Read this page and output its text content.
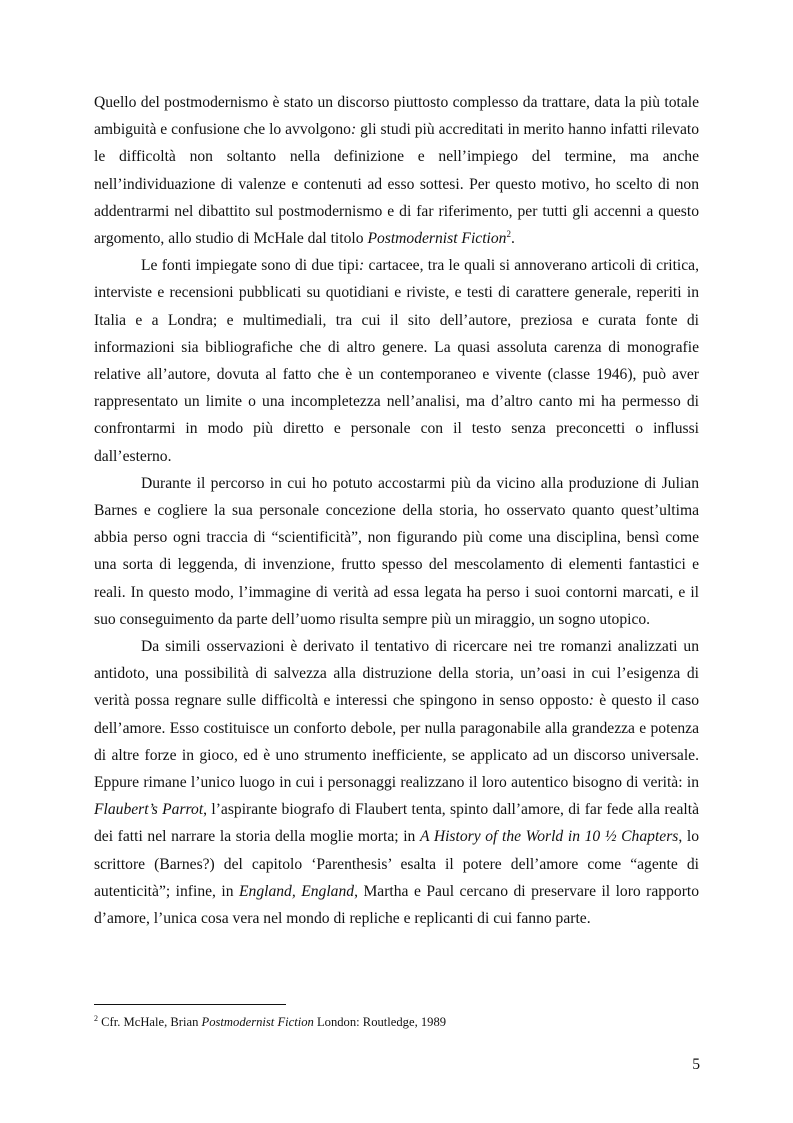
Quello del postmodernismo è stato un discorso piuttosto complesso da trattare, data la più totale ambiguità e confusione che lo avvolgono: gli studi più accreditati in merito hanno infatti rilevato le difficoltà non soltanto nella definizione e nell’impiego del termine, ma anche nell’individuazione di valenze e contenuti ad esso sottesi. Per questo motivo, ho scelto di non addentrarmi nel dibattito sul postmodernismo e di far riferimento, per tutti gli accenni a questo argomento, allo studio di McHale dal titolo Postmodernist Fiction$^2$.

Le fonti impiegate sono di due tipi: cartacee, tra le quali si annoverano articoli di critica, interviste e recensioni pubblicati su quotidiani e riviste, e testi di carattere generale, reperiti in Italia e a Londra; e multimediali, tra cui il sito dell’autore, preziosa e curata fonte di informazioni sia bibliografiche che di altro genere. La quasi assoluta carenza di monografie relative all’autore, dovuta al fatto che è un contemporaneo e vivente (classe 1946), può aver rappresentato un limite o una incompletezza nell’analisi, ma d’altro canto mi ha permesso di confrontarmi in modo più diretto e personale con il testo senza preconcetti o influssi dall’esterno.

Durante il percorso in cui ho potuto accostarmi più da vicino alla produzione di Julian Barnes e cogliere la sua personale concezione della storia, ho osservato quanto quest’ultima abbia perso ogni traccia di “scientificità”, non figurando più come una disciplina, bensì come una sorta di leggenda, di invenzione, frutto spesso del mescolamento di elementi fantastici e reali. In questo modo, l’immagine di verità ad essa legata ha perso i suoi contorni marcati, e il suo conseguimento da parte dell’uomo risulta sempre più un miraggio, un sogno utopico.

Da simili osservazioni è derivato il tentativo di ricercare nei tre romanzi analizzati un antidoto, una possibilità di salvezza alla distruzione della storia, un’oasi in cui l’esigenza di verità possa regnare sulle difficoltà e interessi che spingono in senso opposto: è questo il caso dell’amore. Esso costituisce un conforto debole, per nulla paragonabile alla grandezza e potenza di altre forze in gioco, ed è uno strumento inefficiente, se applicato ad un discorso universale. Eppure rimane l’unico luogo in cui i personaggi realizzano il loro autentico bisogno di verità: in Flaubert’s Parrot, l’aspirante biografo di Flaubert tenta, spinto dall’amore, di far fede alla realtà dei fatti nel narrare la storia della moglie morta; in A History of the World in 10 ½ Chapters, lo scrittore (Barnes?) del capitolo ‘Parenthesis’ esalta il potere dell’amore come “agente di autenticità”; infine, in England, England, Martha e Paul cercano di preservare il loro rapporto d’amore, l’unica cosa vera nel mondo di repliche e replicanti di cui fanno parte.

$^2$ Cfr. McHale, Brian Postmodernist Fiction London: Routledge, 1989
5
